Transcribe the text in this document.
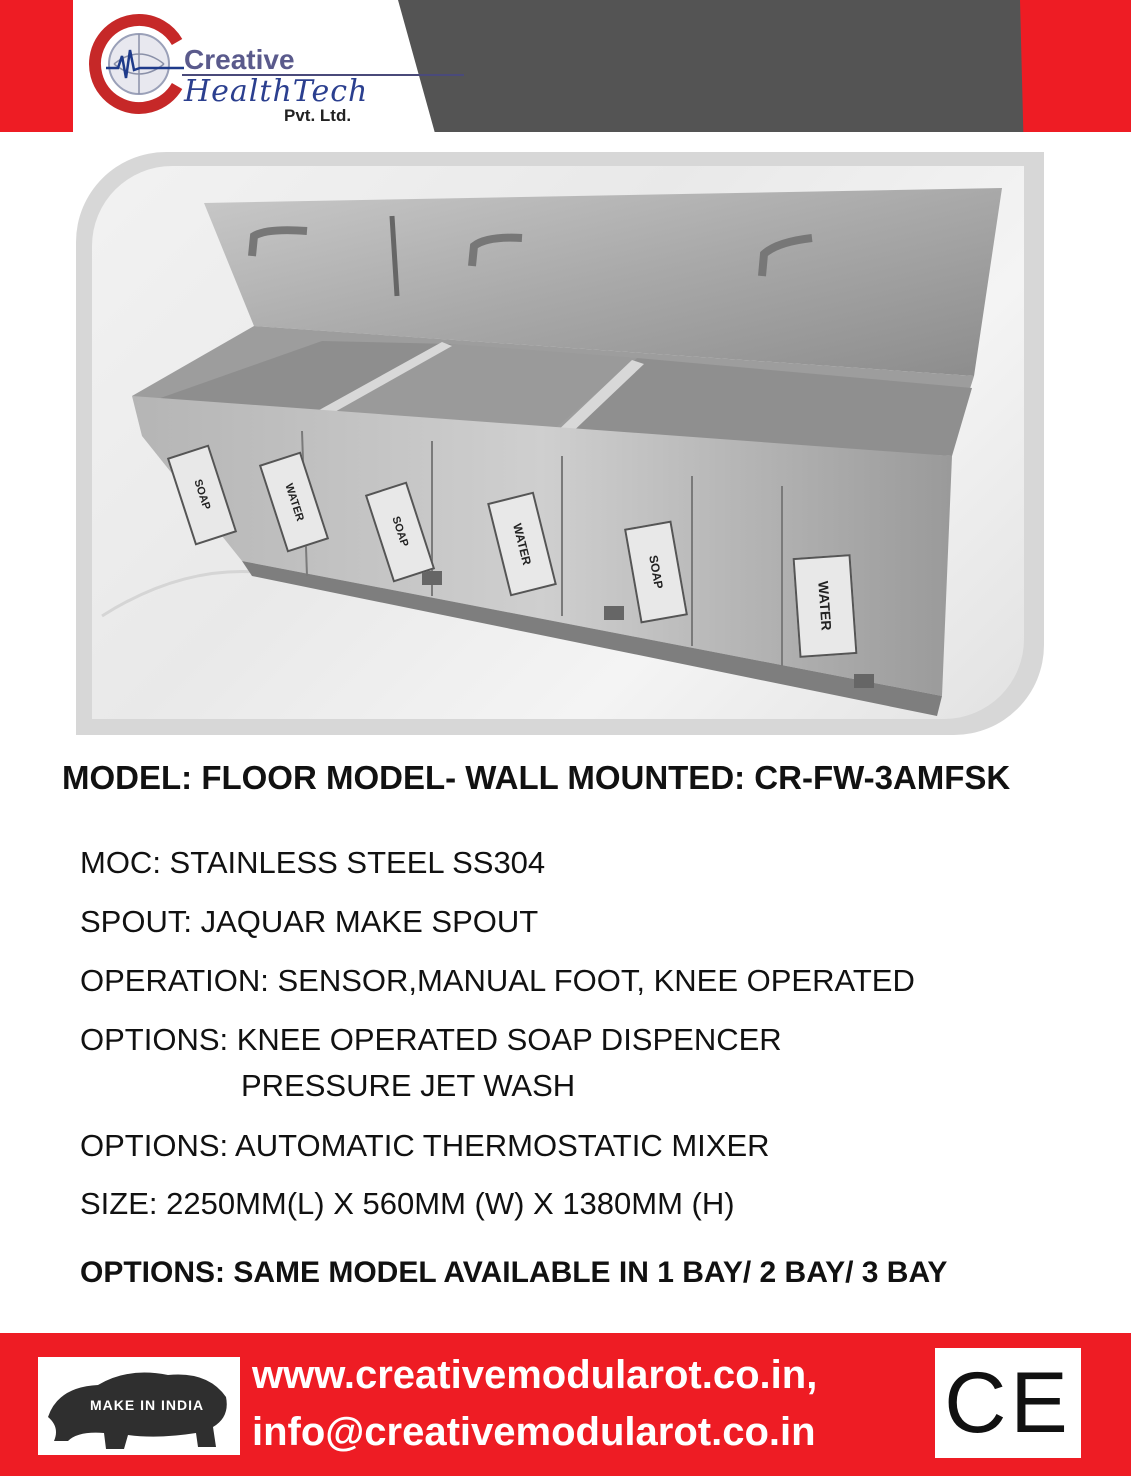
Creative
HealthTech
Pvt. Ltd.
SOAP	WATER
SOAP	WATER
SOAP
WATER
MODEL: FLOOR MODEL- WALL MOUNTED: CR-FW-3AMFSK
MOC: STAINLESS STEEL SS304
SPOUT: JAQUAR MAKE SPOUT
OPERATION: SENSOR,MANUAL FOOT, KNEE OPERATED
OPTIONS: KNEE OPERATED SOAP DISPENCER
PRESSURE JET WASH
OPTIONS: AUTOMATIC THERMOSTATIC MIXER
SIZE: 2250MM(L) X 560MM (W) X 1380MM (H)
OPTIONS: SAME MODEL AVAILABLE IN 1 BAY/ 2 BAY/ 3 BAY
MAKE IN INDIA
www.creativemodularot.co.in,
info@creativemodularot.co.in CE
